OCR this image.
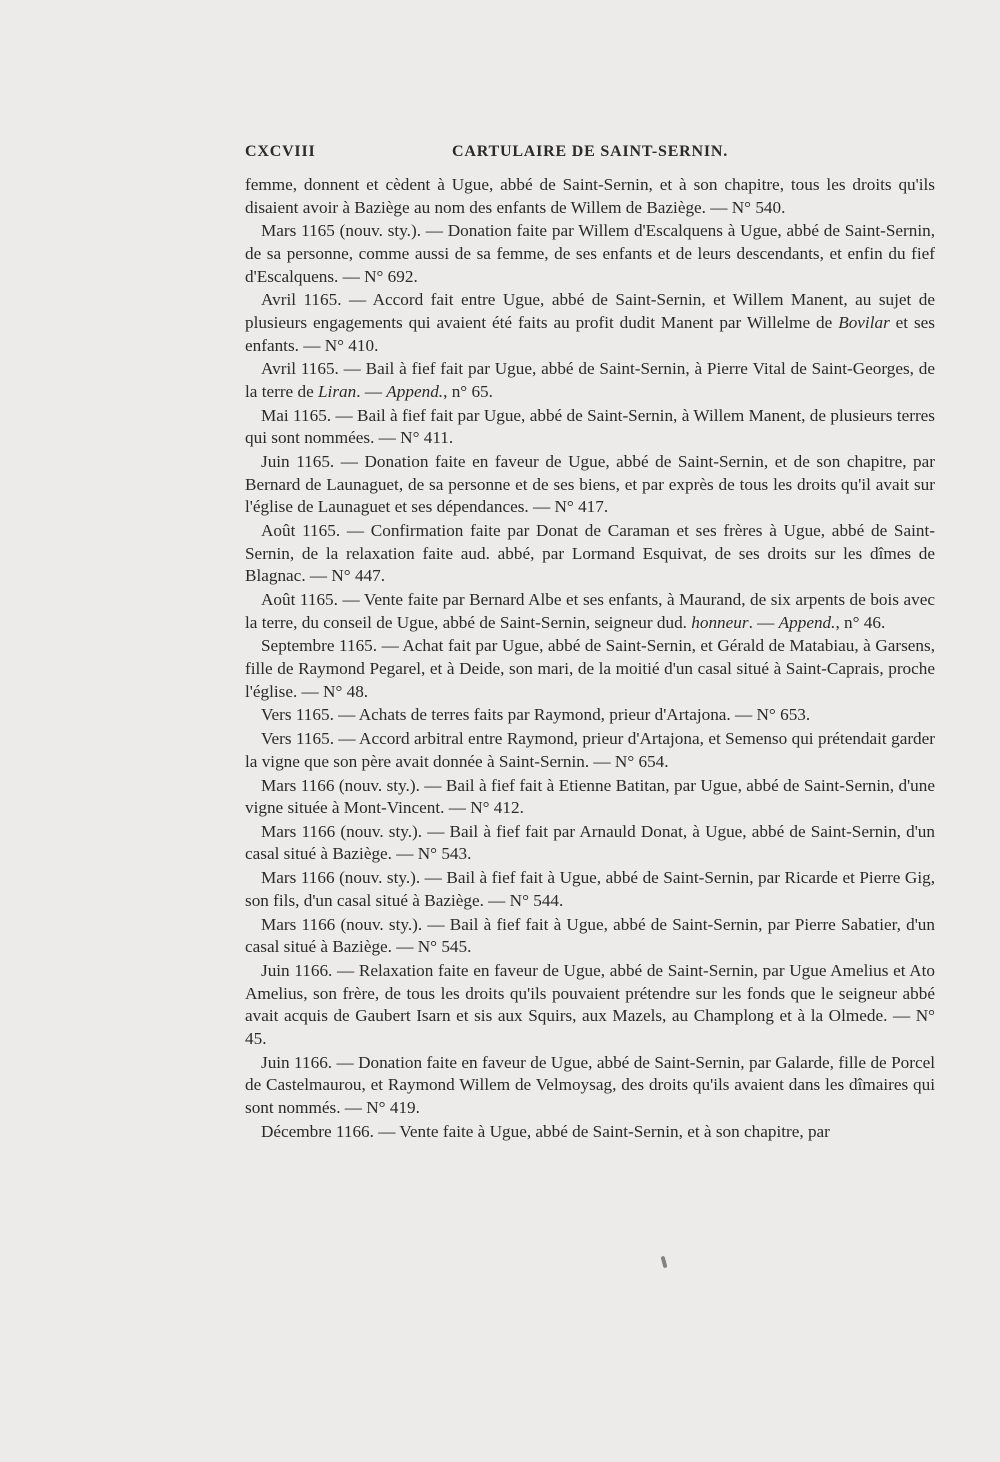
CXCVIII	CARTULAIRE DE SAINT-SERNIN.

femme, donnent et cèdent à Ugue, abbé de Saint-Sernin, et à son chapitre, tous les droits qu'ils disaient avoir à Baziège au nom des enfants de Willem de Baziège. — N° 540.

Mars 1165 (nouv. sty.). — Donation faite par Willem d'Escalquens à Ugue, abbé de Saint-Sernin, de sa personne, comme aussi de sa femme, de ses enfants et de leurs descendants, et enfin du fief d'Escalquens. — N° 692.

Avril 1165. — Accord fait entre Ugue, abbé de Saint-Sernin, et Willem Manent, au sujet de plusieurs engagements qui avaient été faits au profit dudit Manent par Willelme de Bovilar et ses enfants. — N° 410.

Avril 1165. — Bail à fief fait par Ugue, abbé de Saint-Sernin, à Pierre Vital de Saint-Georges, de la terre de Liran. — Append., n° 65.

Mai 1165. — Bail à fief fait par Ugue, abbé de Saint-Sernin, à Willem Manent, de plusieurs terres qui sont nommées. — N° 411.

Juin 1165. — Donation faite en faveur de Ugue, abbé de Saint-Sernin, et de son chapitre, par Bernard de Launaguet, de sa personne et de ses biens, et par exprès de tous les droits qu'il avait sur l'église de Launaguet et ses dépendances. — N° 417.

Août 1165. — Confirmation faite par Donat de Caraman et ses frères à Ugue, abbé de Saint-Sernin, de la relaxation faite aud. abbé, par Lormand Esquivat, de ses droits sur les dîmes de Blagnac. — N° 447.

Août 1165. — Vente faite par Bernard Albe et ses enfants, à Maurand, de six arpents de bois avec la terre, du conseil de Ugue, abbé de Saint-Sernin, seigneur dud. honneur. — Append., n° 46.

Septembre 1165. — Achat fait par Ugue, abbé de Saint-Sernin, et Gérald de Matabiau, à Garsens, fille de Raymond Pegarel, et à Deide, son mari, de la moitié d'un casal situé à Saint-Caprais, proche l'église. — N° 48.

Vers 1165. — Achats de terres faits par Raymond, prieur d'Artajona. — N° 653.

Vers 1165. — Accord arbitral entre Raymond, prieur d'Artajona, et Semenso qui prétendait garder la vigne que son père avait donnée à Saint-Sernin. — N° 654.

Mars 1166 (nouv. sty.). — Bail à fief fait à Etienne Batitan, par Ugue, abbé de Saint-Sernin, d'une vigne située à Mont-Vincent. — N° 412.

Mars 1166 (nouv. sty.). — Bail à fief fait par Arnauld Donat, à Ugue, abbé de Saint-Sernin, d'un casal situé à Baziège. — N° 543.

Mars 1166 (nouv. sty.). — Bail à fief fait à Ugue, abbé de Saint-Sernin, par Ricarde et Pierre Gig, son fils, d'un casal situé à Baziège. — N° 544.

Mars 1166 (nouv. sty.). — Bail à fief fait à Ugue, abbé de Saint-Sernin, par Pierre Sabatier, d'un casal situé à Baziège. — N° 545.

Juin 1166. — Relaxation faite en faveur de Ugue, abbé de Saint-Sernin, par Ugue Amelius et Ato Amelius, son frère, de tous les droits qu'ils pouvaient prétendre sur les fonds que le seigneur abbé avait acquis de Gaubert Isarn et sis aux Squirs, aux Mazels, au Champlong et à la Olmede. — N° 45.

Juin 1166. — Donation faite en faveur de Ugue, abbé de Saint-Sernin, par Galarde, fille de Porcel de Castelmaurou, et Raymond Willem de Velmoysag, des droits qu'ils avaient dans les dîmaires qui sont nommés. — N° 419.

Décembre 1166. — Vente faite à Ugue, abbé de Saint-Sernin, et à son chapitre, par
